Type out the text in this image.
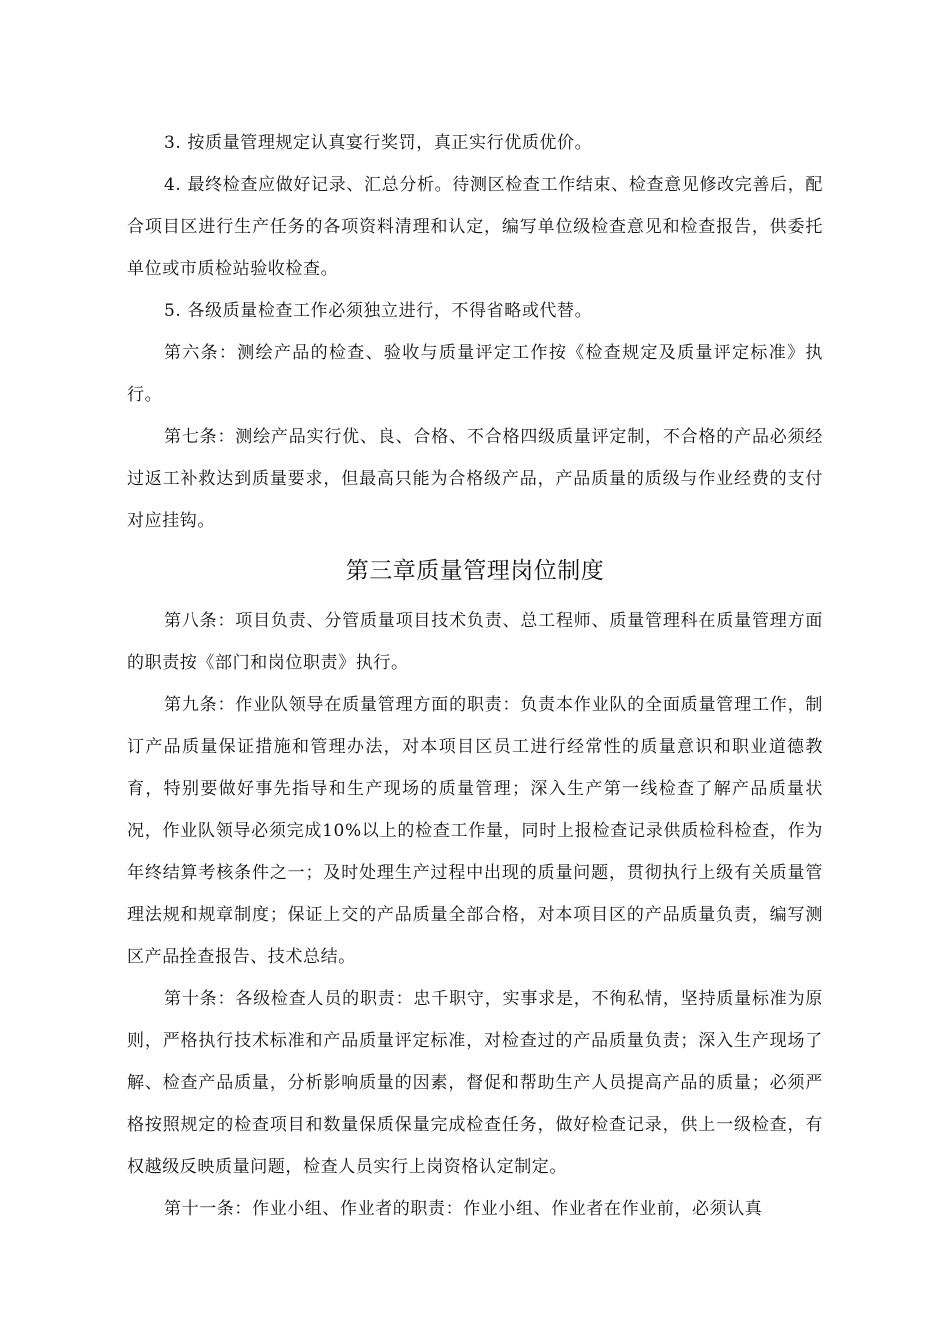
3. 按质量管理规定认真宴行奖罚，真正实行优质优价。

4. 最终检查应做好记录、汇总分析。待测区检查工作结束、检查意见修改完善后，配合项目区进行生产任务的各项资料清理和认定，编写单位级检查意见和检查报告，供委托单位或市质检站验收检查。

5. 各级质量检查工作必须独立进行，不得省略或代替。

第六条：测绘产品的检查、验收与质量评定工作按《检查规定及质量评定标准》执行。

第七条：测绘产品实行优、良、合格、不合格四级质量评定制，不合格的产品必须经过返工补救达到质量要求，但最高只能为合格级产品，产品质量的质级与作业经费的支付对应挂钩。

第三章质量管理岗位制度

第八条：项目负责、分管质量项目技术负责、总工程师、质量管理科在质量管理方面的职责按《部门和岗位职责》执行。

第九条：作业队领导在质量管理方面的职责：负责本作业队的全面质量管理工作，制订产品质量保证措施和管理办法，对本项目区员工进行经常性的质量意识和职业道德教育，特别要做好事先指导和生产现场的质量管理；深入生产第一线检查了解产品质量状况，作业队领导必须完成10%以上的检查工作量，同时上报检查记录供质检科检查，作为年终结算考核条件之一；及时处理生产过程中出现的质量问题，贯彻执行上级有关质量管理法规和规章制度；保证上交的产品质量全部合格，对本项目区的产品质量负责，编写测区产品拴查报告、技术总结。

第十条：各级检查人员的职责：忠千职守，实事求是，不徇私情，坚持质量标准为原则，严格执行技术标准和产品质量评定标准，对检查过的产品质量负责；深入生产现场了解、检查产品质量，分析影响质量的因素，督促和帮助生产人员提高产品的质量；必须严格按照规定的检查项目和数量保质保量完成检查任务，做好检查记录，供上一级检查，有权越级反映质量问题，检查人员实行上岗资格认定制定。

第十一条：作业小组、作业者的职责：作业小组、作业者在作业前，必须认真
